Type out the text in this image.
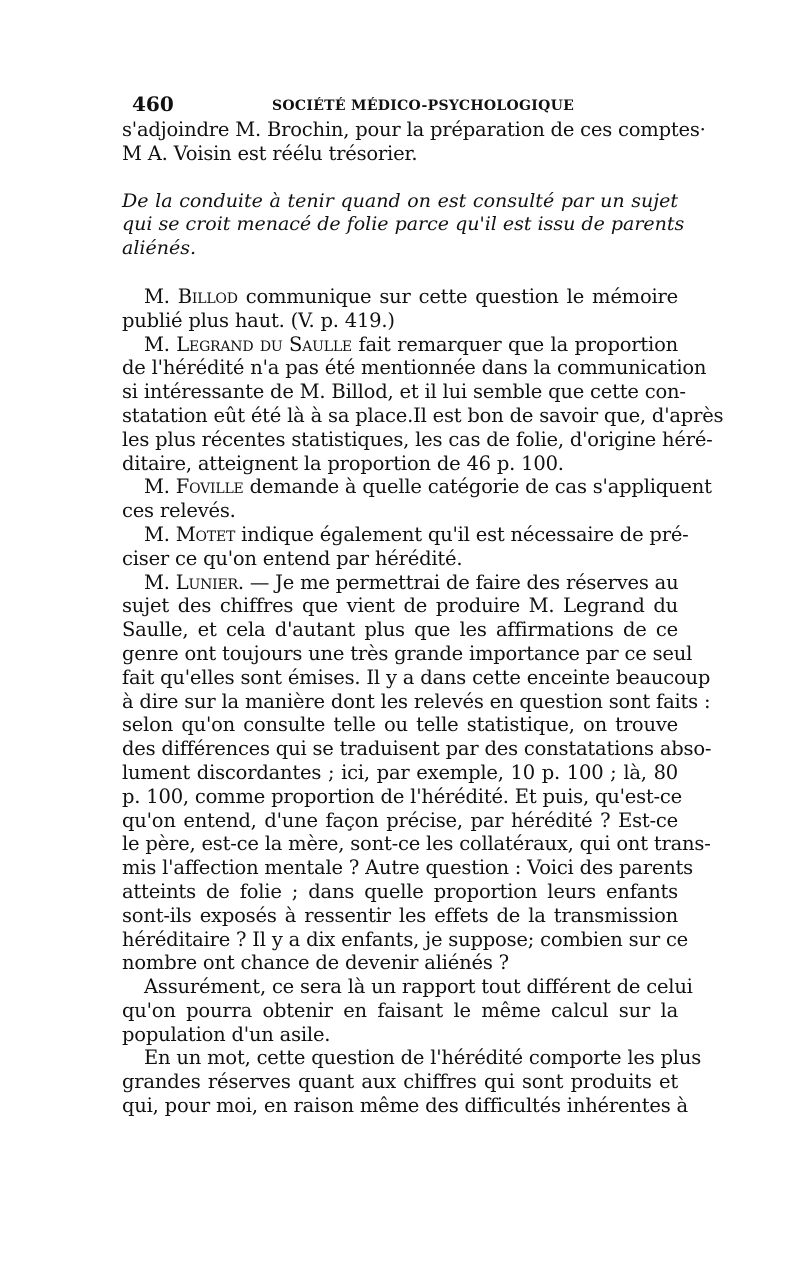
460	SOCIÉTÉ MÉDICO-PSYCHOLOGIQUE
s'adjoindre M. Brochin, pour la préparation de ces comptes·
M A. Voisin est réélu trésorier.
De la conduite à tenir quand on est consulté par un sujet
qui se croit menacé de folie parce qu'il est issu de parents
aliénés.
M. Billod communique sur cette question le mémoire
publié plus haut. (V. p. 419.)
M. Legrand du Saulle fait remarquer que la proportion
de l'hérédité n'a pas été mentionnée dans la communication
si intéressante de M. Billod, et il lui semble que cette con-
statation eût été là à sa place.Il est bon de savoir que, d'après
les plus récentes statistiques, les cas de folie, d'origine héré-
ditaire, atteignent la proportion de 46 p. 100.
M. Foville demande à quelle catégorie de cas s'appliquent
ces relevés.
M. Motet indique également qu'il est nécessaire de pré-
ciser ce qu'on entend par hérédité.
M. Lunier. — Je me permettrai de faire des réserves au
sujet des chiffres que vient de produire M. Legrand du
Saulle, et cela d'autant plus que les affirmations de ce
genre ont toujours une très grande importance par ce seul
fait qu'elles sont émises. Il y a dans cette enceinte beaucoup
à dire sur la manière dont les relevés en question sont faits :
selon qu'on consulte telle ou telle statistique, on trouve
des différences qui se traduisent par des constatations abso-
lument discordantes ; ici, par exemple, 10 p. 100 ; là, 80
p. 100, comme proportion de l'hérédité. Et puis, qu'est-ce
qu'on entend, d'une façon précise, par hérédité ? Est-ce
le père, est-ce la mère, sont-ce les collatéraux, qui ont trans-
mis l'affection mentale ? Autre question : Voici des parents
atteints de folie ; dans quelle proportion leurs enfants
sont-ils exposés à ressentir les effets de la transmission
héréditaire ? Il y a dix enfants, je suppose; combien sur ce
nombre ont chance de devenir aliénés ?
Assurément, ce sera là un rapport tout différent de celui
qu'on pourra obtenir en faisant le même calcul sur la
population d'un asile.
En un mot, cette question de l'hérédité comporte les plus
grandes réserves quant aux chiffres qui sont produits et
qui, pour moi, en raison même des difficultés inhérentes à
